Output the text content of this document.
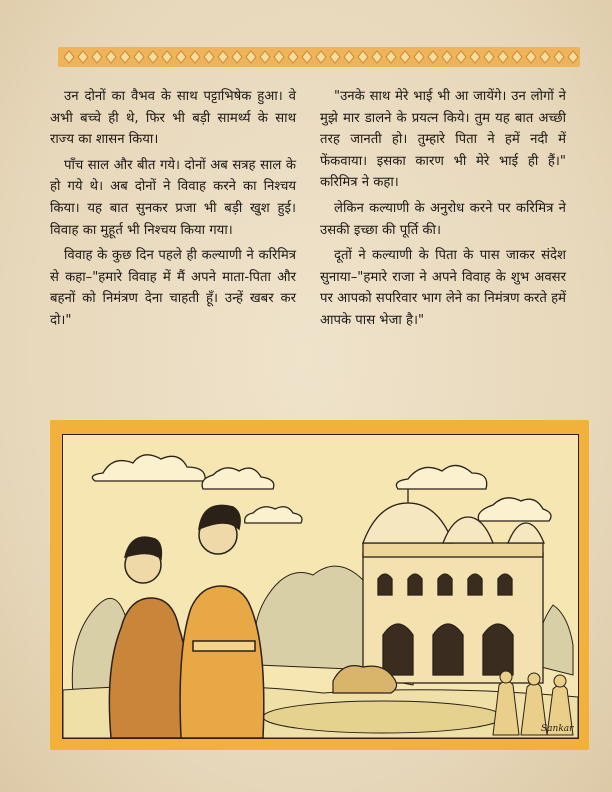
उन दोनों का वैभव के साथ पट्टाभिषेक हुआ। वे अभी बच्चे ही थे, फिर भी बड़ी सामर्थ्य के साथ राज्य का शासन किया।

पाँच साल और बीत गये। दोनों अब सत्रह साल के हो गये थे। अब दोनों ने विवाह करने का निश्चय किया। यह बात सुनकर प्रजा भी बड़ी खुश हुई। विवाह का मुहूर्त भी निश्चय किया गया।

विवाह के कुछ दिन पहले ही कल्याणी ने करिमित्र से कहा–"हमारे विवाह में मैं अपने माता-पिता और बहनों को निमंत्रण देना चाहती हूँ। उन्हें खबर कर दो।"

"उनके साथ मेरे भाई भी आ जायेंगे। उन लोगों ने मुझे मार डालने के प्रयत्न किये। तुम यह बात अच्छी तरह जानती हो। तुम्हारे पिता ने हमें नदी में फेंकवाया। इसका कारण भी मेरे भाई ही हैं।" करिमित्र ने कहा।

लेकिन कल्याणी के अनुरोध करने पर करिमित्र ने उसकी इच्छा की पूर्ति की।

दूतों ने कल्याणी के पिता के पास जाकर संदेश सुनाया–"हमारे राजा ने अपने विवाह के शुभ अवसर पर आपको सपरिवार भाग लेने का निमंत्रण करते हमें आपके पास भेजा है।"

Sankar
